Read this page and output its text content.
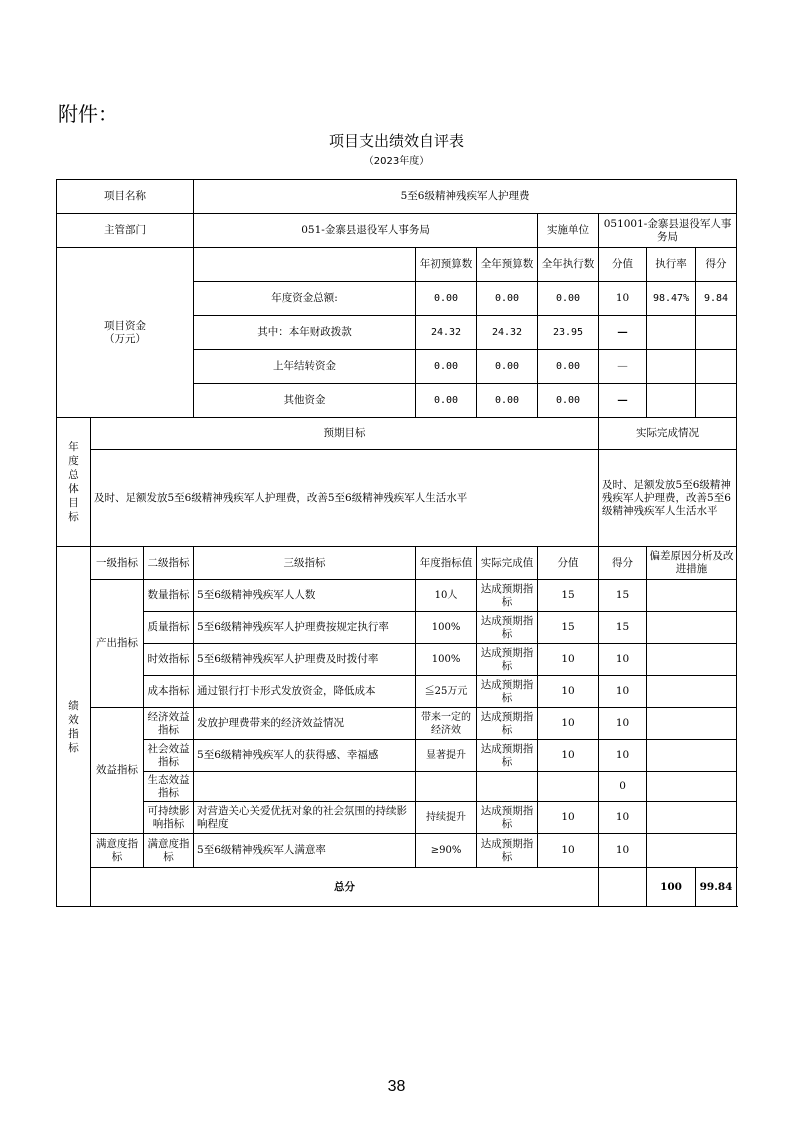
附件：
项目支出绩效自评表
（2023年度）
项目名称			5至6级精神残疾军人护理费							
主管部门			051-金寨县退役军人事务局			实施单位	051001-金寨县退役军人事务局			
项目资金
（万元）				年初预算数	全年预算数	全年执行数	分值	执行率	得分	
			年度资金总额:	0.00	0.00	0.00	10	98.47%	9.84	
			其中：本年财政拨款	24.32	24.32	23.95	—			
			上年结转资金	0.00	0.00	0.00	—			
			其他资金	0.00	0.00	0.00	—			

年度总体目标	预期目标						实际完成情况			
	及时、足额发放5至6级精神残疾军人护理费，改善5至6级精神残疾军人生活水平						及时、足额发放5至6级精神残疾军人护理费，改善5至6级精神残疾军人生活水平			

绩效指标	一级指标	二级指标	三级指标	年度指标值	实际完成值	分值	得分	偏差原因分析及改进措施		
	产出指标	数量指标	5至6级精神残疾军人人数	10人	达成预期指标	15	15			
		质量指标	5至6级精神残疾军人护理费按规定执行率	100%	达成预期指标	15	15			
		时效指标	5至6级精神残疾军人护理费及时拨付率	100%	达成预期指标	10	10			
		成本指标	通过银行打卡形式发放资金，降低成本	≦25万元	达成预期指标	10	10			
	效益指标	经济效益指标	发放护理费带来的经济效益情况	带来一定的经济效	达成预期指标	10	10			
		社会效益指标	5至6级精神残疾军人的获得感、幸福感	显著提升	达成预期指标	10	10			
		生态效益指标					0			
		可持续影响指标	对营造关心关爱优抚对象的社会氛围的持续影响程度	持续提升	达成预期指标	10	10			
	满意度指标	满意度指标	5至6级精神残疾军人满意率	≥90%	达成预期指标	10	10			
	总分							100	99.84	
38
